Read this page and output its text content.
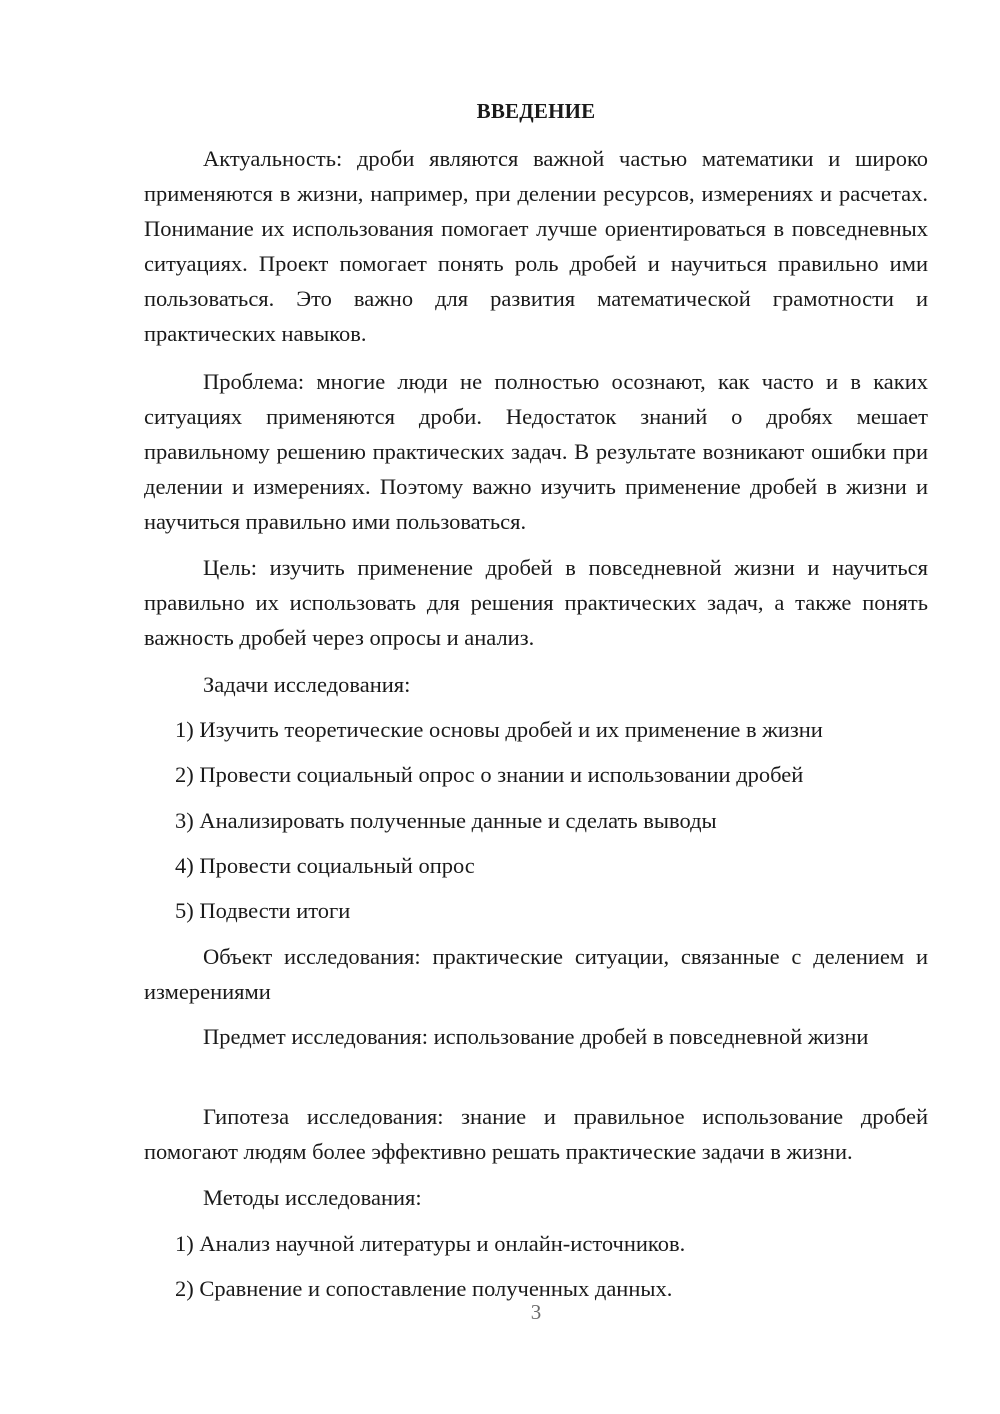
ВВЕДЕНИЕ

Актуальность: дроби являются важной частью математики и широко применяются в жизни, например, при делении ресурсов, измерениях и расчетах. Понимание их использования помогает лучше ориентироваться в повседневных ситуациях. Проект помогает понять роль дробей и научиться правильно ими пользоваться. Это важно для развития математической грамотности и практических навыков.

Проблема: многие люди не полностью осознают, как часто и в каких ситуациях применяются дроби. Недостаток знаний о дробях мешает правильному решению практических задач. В результате возникают ошибки при делении и измерениях. Поэтому важно изучить применение дробей в жизни и научиться правильно ими пользоваться.

Цель: изучить применение дробей в повседневной жизни и научиться правильно их использовать для решения практических задач, а также понять важность дробей через опросы и анализ.

Задачи исследования:

1) Изучить теоретические основы дробей и их применение в жизни

2) Провести социальный опрос о знании и использовании дробей

3) Анализировать полученные данные и сделать выводы

4) Провести социальный опрос

5) Подвести итоги

Объект исследования: практические ситуации, связанные с делением и измерениями

Предмет исследования: использование дробей в повседневной жизни

Гипотеза исследования: знание и правильное использование дробей помогают людям более эффективно решать практические задачи в жизни.

Методы исследования:

1) Анализ научной литературы и онлайн-источников.

2) Сравнение и сопоставление полученных данных.

3
